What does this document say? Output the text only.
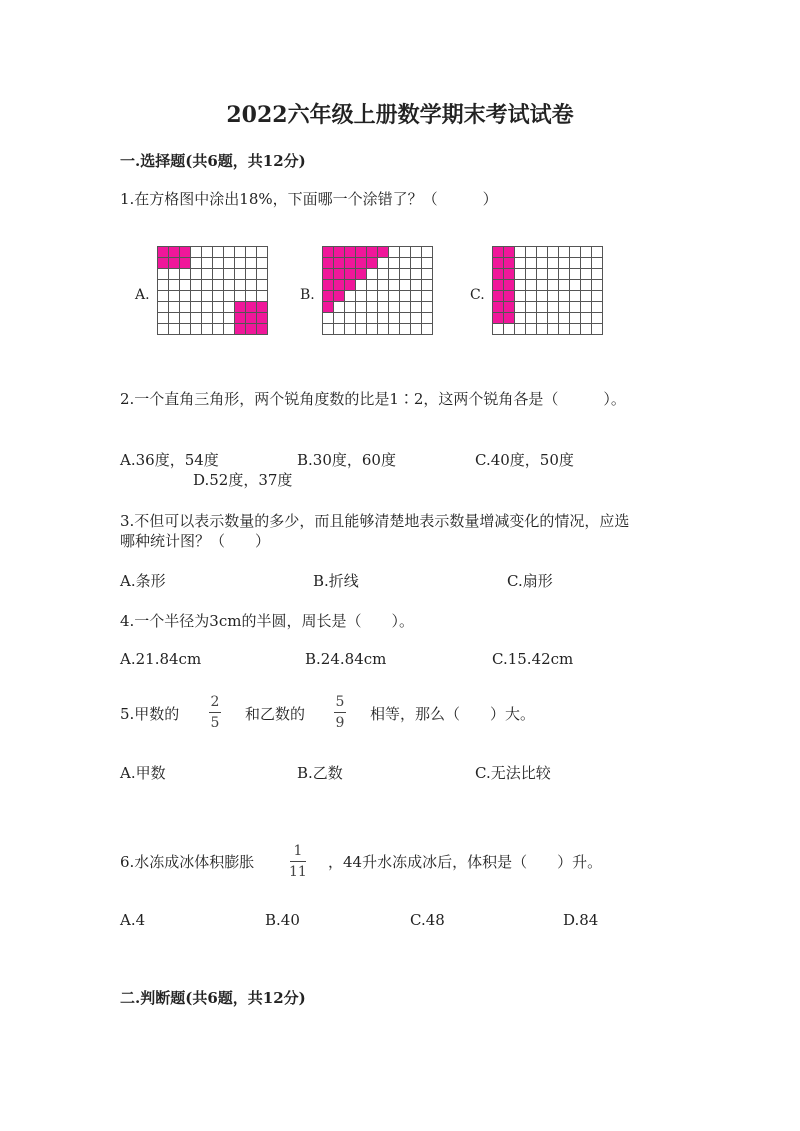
2022六年级上册数学期末考试试卷
一.选择题(共6题，共12分)
1.在方格图中涂出18%，下面哪一个涂错了？（　　　）
A.	B.	C.
2.一个直角三角形，两个锐角度数的比是1∶2，这两个锐角各是（　　　）。
A.36度，54度	B.30度，60度	C.40度，50度
D.52度，37度
3.不但可以表示数量的多少，而且能够清楚地表示数量增减变化的情况，应选
哪种统计图？（　　）
A.条形	B.折线	C.扇形
4.一个半径为3cm的半圆，周长是（　　）。
A.21.84cm	B.24.84cm	C.15.42cm
5.甲数的
2
5 和乙数的
5
9 相等，那么（　　）大。
A.甲数	B.乙数	C.无法比较
6.水冻成冰体积膨胀
1
11
，44升水冻成冰后，体积是（　　）升。
A.4	B.40	C.48	D.84
二.判断题(共6题，共12分)
